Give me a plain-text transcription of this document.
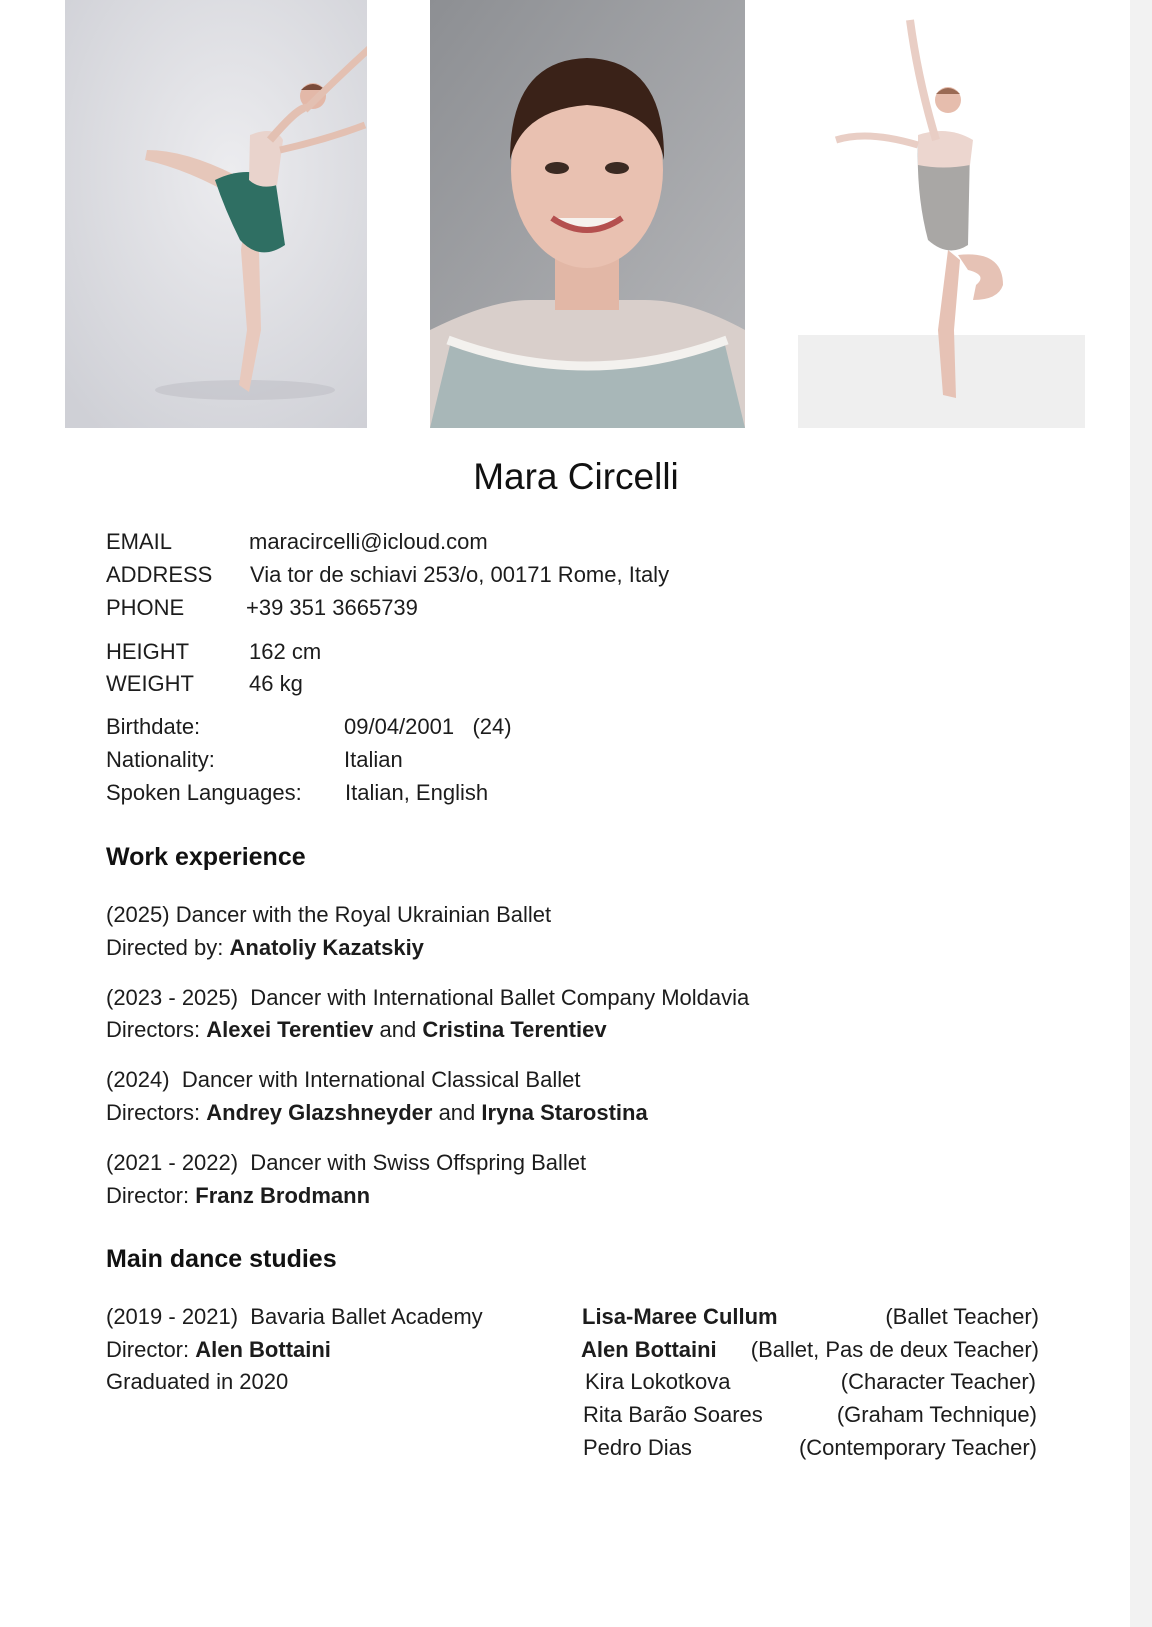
Mara Circelli
EMAIL	maracircelli@icloud.com
ADDRESS Via tor de schiavi 253/o, 00171 Rome, Italy
PHONE	+39 351 3665739
HEIGHT	162 cm
WEIGHT	46 kg
Birthdate:	09/04/2001   (24)
Nationality:	Italian
Spoken Languages: Italian, English
Work experience
(2025) Dancer with the Royal Ukrainian Ballet
Directed by: Anatoliy Kazatskiy
(2023 - 2025)  Dancer with International Ballet Company Moldavia
Directors: Alexei Terentiev and Cristina Terentiev
(2024)  Dancer with International Classical Ballet
Directors: Andrey Glazshneyder and Iryna Starostina
(2021 - 2022)  Dancer with Swiss Offspring Ballet
Director: Franz Brodmann
Main dance studies
(2019 - 2021)  Bavaria Ballet Academy
Director: Alen Bottaini
Graduated in 2020
Lisa-Maree Cullum	(Ballet Teacher)
Alen Bottaini (Ballet, Pas de deux Teacher)
Kira Lokotkova	(Character Teacher)
Rita Barão Soares	(Graham Technique)
Pedro Dias	(Contemporary Teacher)
